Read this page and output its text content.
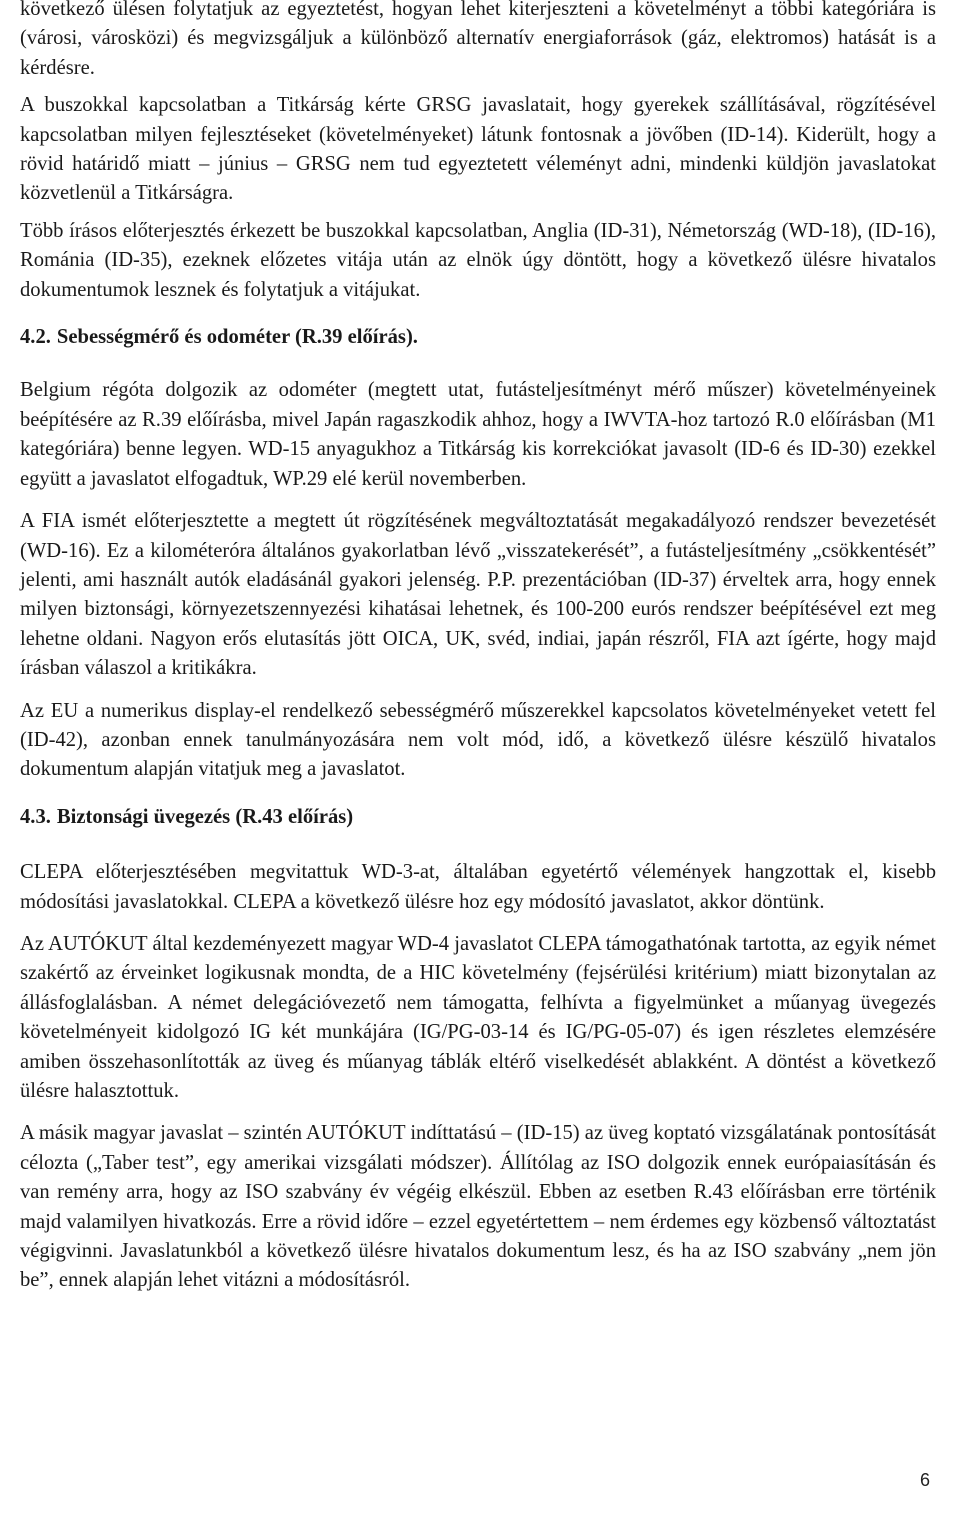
következő ülésen folytatjuk az egyeztetést, hogyan lehet kiterjeszteni a követelményt a többi kategóriára is (városi, városközi) és megvizsgáljuk a különböző alternatív energiaforrások (gáz, elektromos) hatását is a kérdésre.

A buszokkal kapcsolatban a Titkárság kérte GRSG javaslatait, hogy gyerekek szállításával, rögzítésével kapcsolatban milyen fejlesztéseket (követelményeket) látunk fontosnak a jövőben (ID-14). Kiderült, hogy a rövid határidő miatt – június – GRSG nem tud egyeztetett véleményt adni, mindenki küldjön javaslatokat közvetlenül a Titkárságra.

Több írásos előterjesztés érkezett be buszokkal kapcsolatban, Anglia (ID-31), Németország (WD-18), (ID-16), Románia (ID-35), ezeknek előzetes vitája után az elnök úgy döntött, hogy a következő ülésre hivatalos dokumentumok lesznek és folytatjuk a vitájukat.

4.2. Sebességmérő és odométer (R.39 előírás).

Belgium régóta dolgozik az odométer (megtett utat, futásteljesítményt mérő műszer) követelményeinek beépítésére az R.39 előírásba, mivel Japán ragaszkodik ahhoz, hogy a IWVTA-hoz tartozó R.0 előírásban (M1 kategóriára) benne legyen. WD-15 anyagukhoz a Titkárság kis korrekciókat javasolt (ID-6 és ID-30) ezekkel együtt a javaslatot elfogadtuk, WP.29 elé kerül novemberben.

A FIA ismét előterjesztette a megtett út rögzítésének megváltoztatását megakadályozó rendszer bevezetését (WD-16). Ez a kilométeróra általános gyakorlatban lévő „visszatekerését”, a futásteljesítmény „csökkentését” jelenti, ami használt autók eladásánál gyakori jelenség. P.P. prezentációban (ID-37) érveltek arra, hogy ennek milyen biztonsági, környezetszennyezési kihatásai lehetnek, és 100-200 eurós rendszer beépítésével ezt meg lehetne oldani. Nagyon erős elutasítás jött OICA, UK, svéd, indiai, japán részről, FIA azt ígérte, hogy majd írásban válaszol a kritikákra.

Az EU a numerikus display-el rendelkező sebességmérő műszerekkel kapcsolatos követelményeket vetett fel (ID-42), azonban ennek tanulmányozására nem volt mód, idő, a következő ülésre készülő hivatalos dokumentum alapján vitatjuk meg a javaslatot.

4.3. Biztonsági üvegezés (R.43 előírás)

CLEPA előterjesztésében megvitattuk WD-3-at, általában egyetértő vélemények hangzottak el, kisebb módosítási javaslatokkal. CLEPA a következő ülésre hoz egy módosító javaslatot, akkor döntünk.

Az AUTÓKUT által kezdeményezett magyar WD-4 javaslatot CLEPA támogathatónak tartotta, az egyik német szakértő az érveinket logikusnak mondta, de a HIC követelmény (fejsérülési kritérium) miatt bizonytalan az állásfoglalásban. A német delegációvezető nem támogatta, felhívta a figyelmünket a műanyag üvegezés követelményeit kidolgozó IG két munkájára (IG/PG-03-14 és IG/PG-05-07) és igen részletes elemzésére amiben összehasonlították az üveg és műanyag táblák eltérő viselkedését ablakként. A döntést a következő ülésre halasztottuk.

A másik magyar javaslat – szintén AUTÓKUT indíttatású – (ID-15) az üveg koptató vizsgálatának pontosítását célozta („Taber test”, egy amerikai vizsgálati módszer). Állítólag az ISO dolgozik ennek európaiasításán és van remény arra, hogy az ISO szabvány év végéig elkészül. Ebben az esetben R.43 előírásban erre történik majd valamilyen hivatkozás. Erre a rövid időre – ezzel egyetértettem – nem érdemes egy közbenső változtatást végigvinni. Javaslatunkból a következő ülésre hivatalos dokumentum lesz, és ha az ISO szabvány „nem jön be”, ennek alapján lehet vitázni a módosításról.

6
